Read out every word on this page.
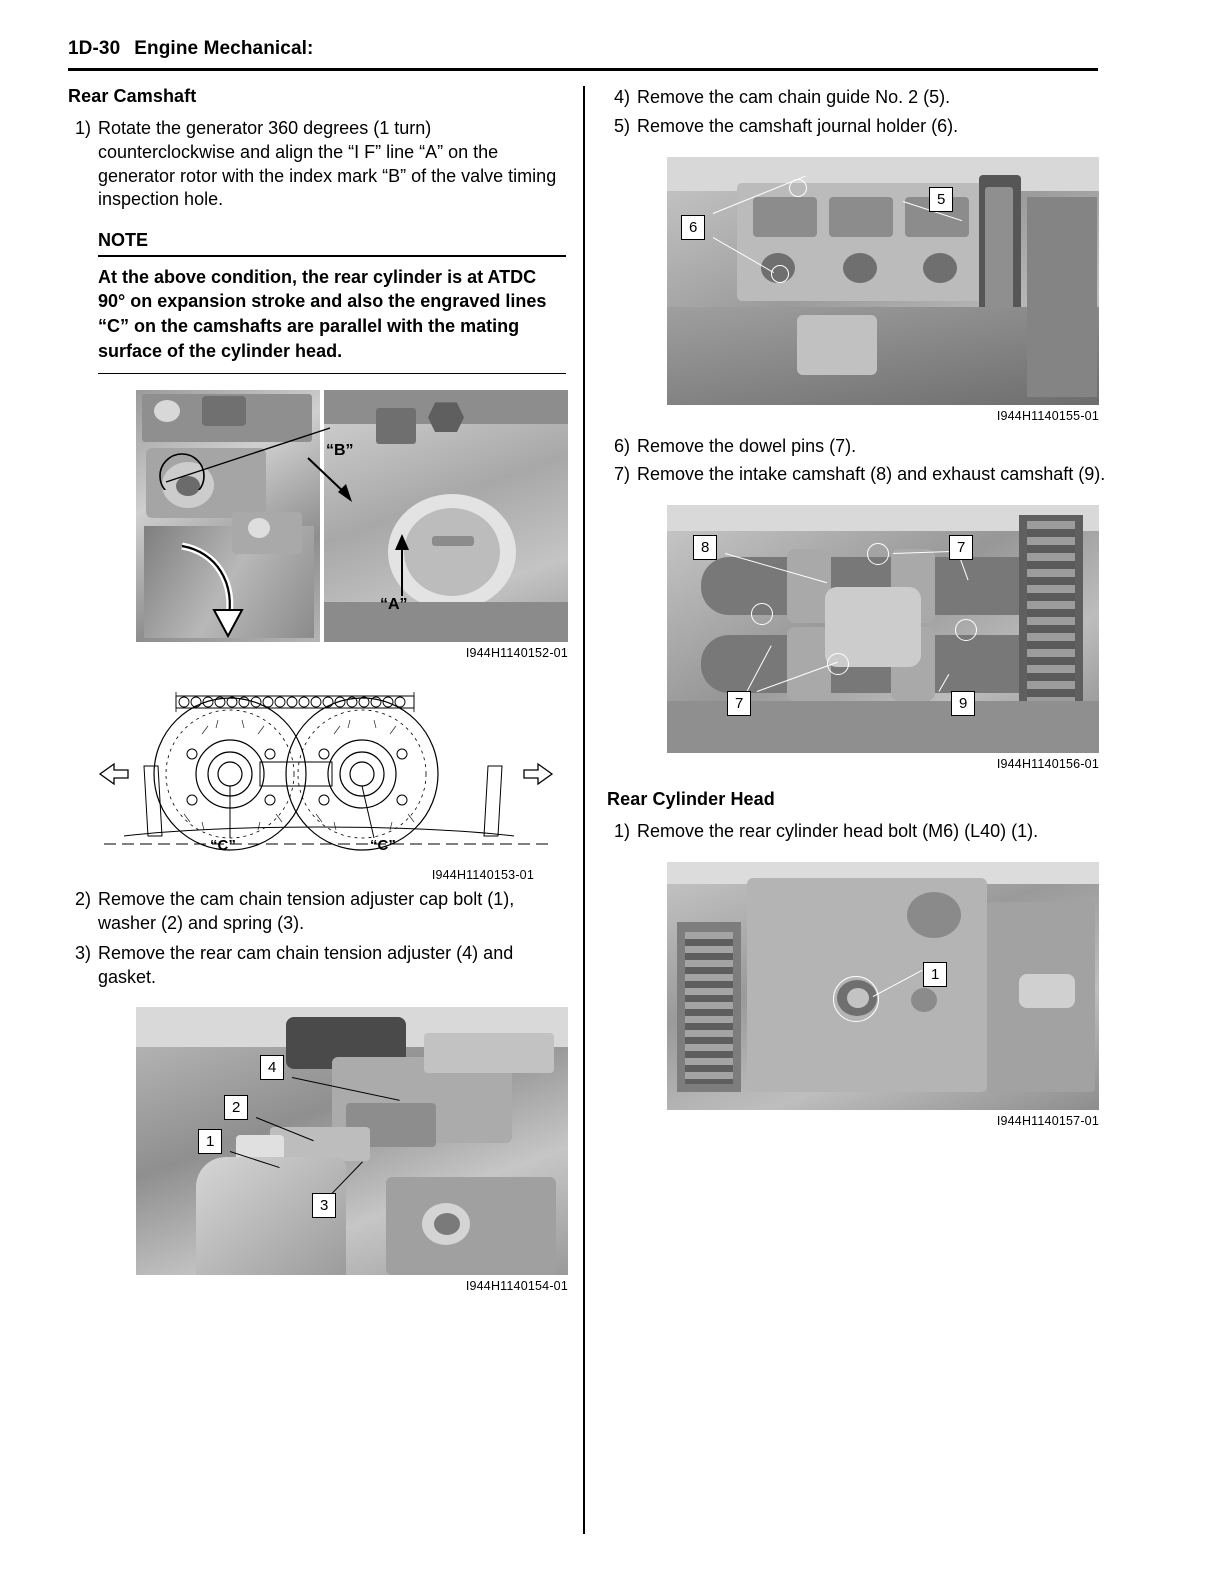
1D-30 Engine Mechanical:
Rear Camshaft
1) Rotate the generator 360 degrees (1 turn) counterclockwise and align the “I F” line “A” on the generator rotor with the index mark “B” of the valve timing inspection hole.
NOTE
At the above condition, the rear cylinder is at ATDC 90° on expansion stroke and also the engraved lines “C” on the camshafts are parallel with the mating surface of the cylinder head.
“B”
“A”
I944H1140152-01
“C”	“C”
I944H1140153-01
2) Remove the cam chain tension adjuster cap bolt (1), washer (2) and spring (3).
3) Remove the rear cam chain tension adjuster (4) and gasket.
4
2
1
3
I944H1140154-01
4) Remove the cam chain guide No. 2 (5).
5) Remove the camshaft journal holder (6).
6
5
I944H1140155-01
6) Remove the dowel pins (7).
7) Remove the intake camshaft (8) and exhaust camshaft (9).
8	7
7	9
I944H1140156-01
Rear Cylinder Head
1) Remove the rear cylinder head bolt (M6) (L40) (1).
1
I944H1140157-01
